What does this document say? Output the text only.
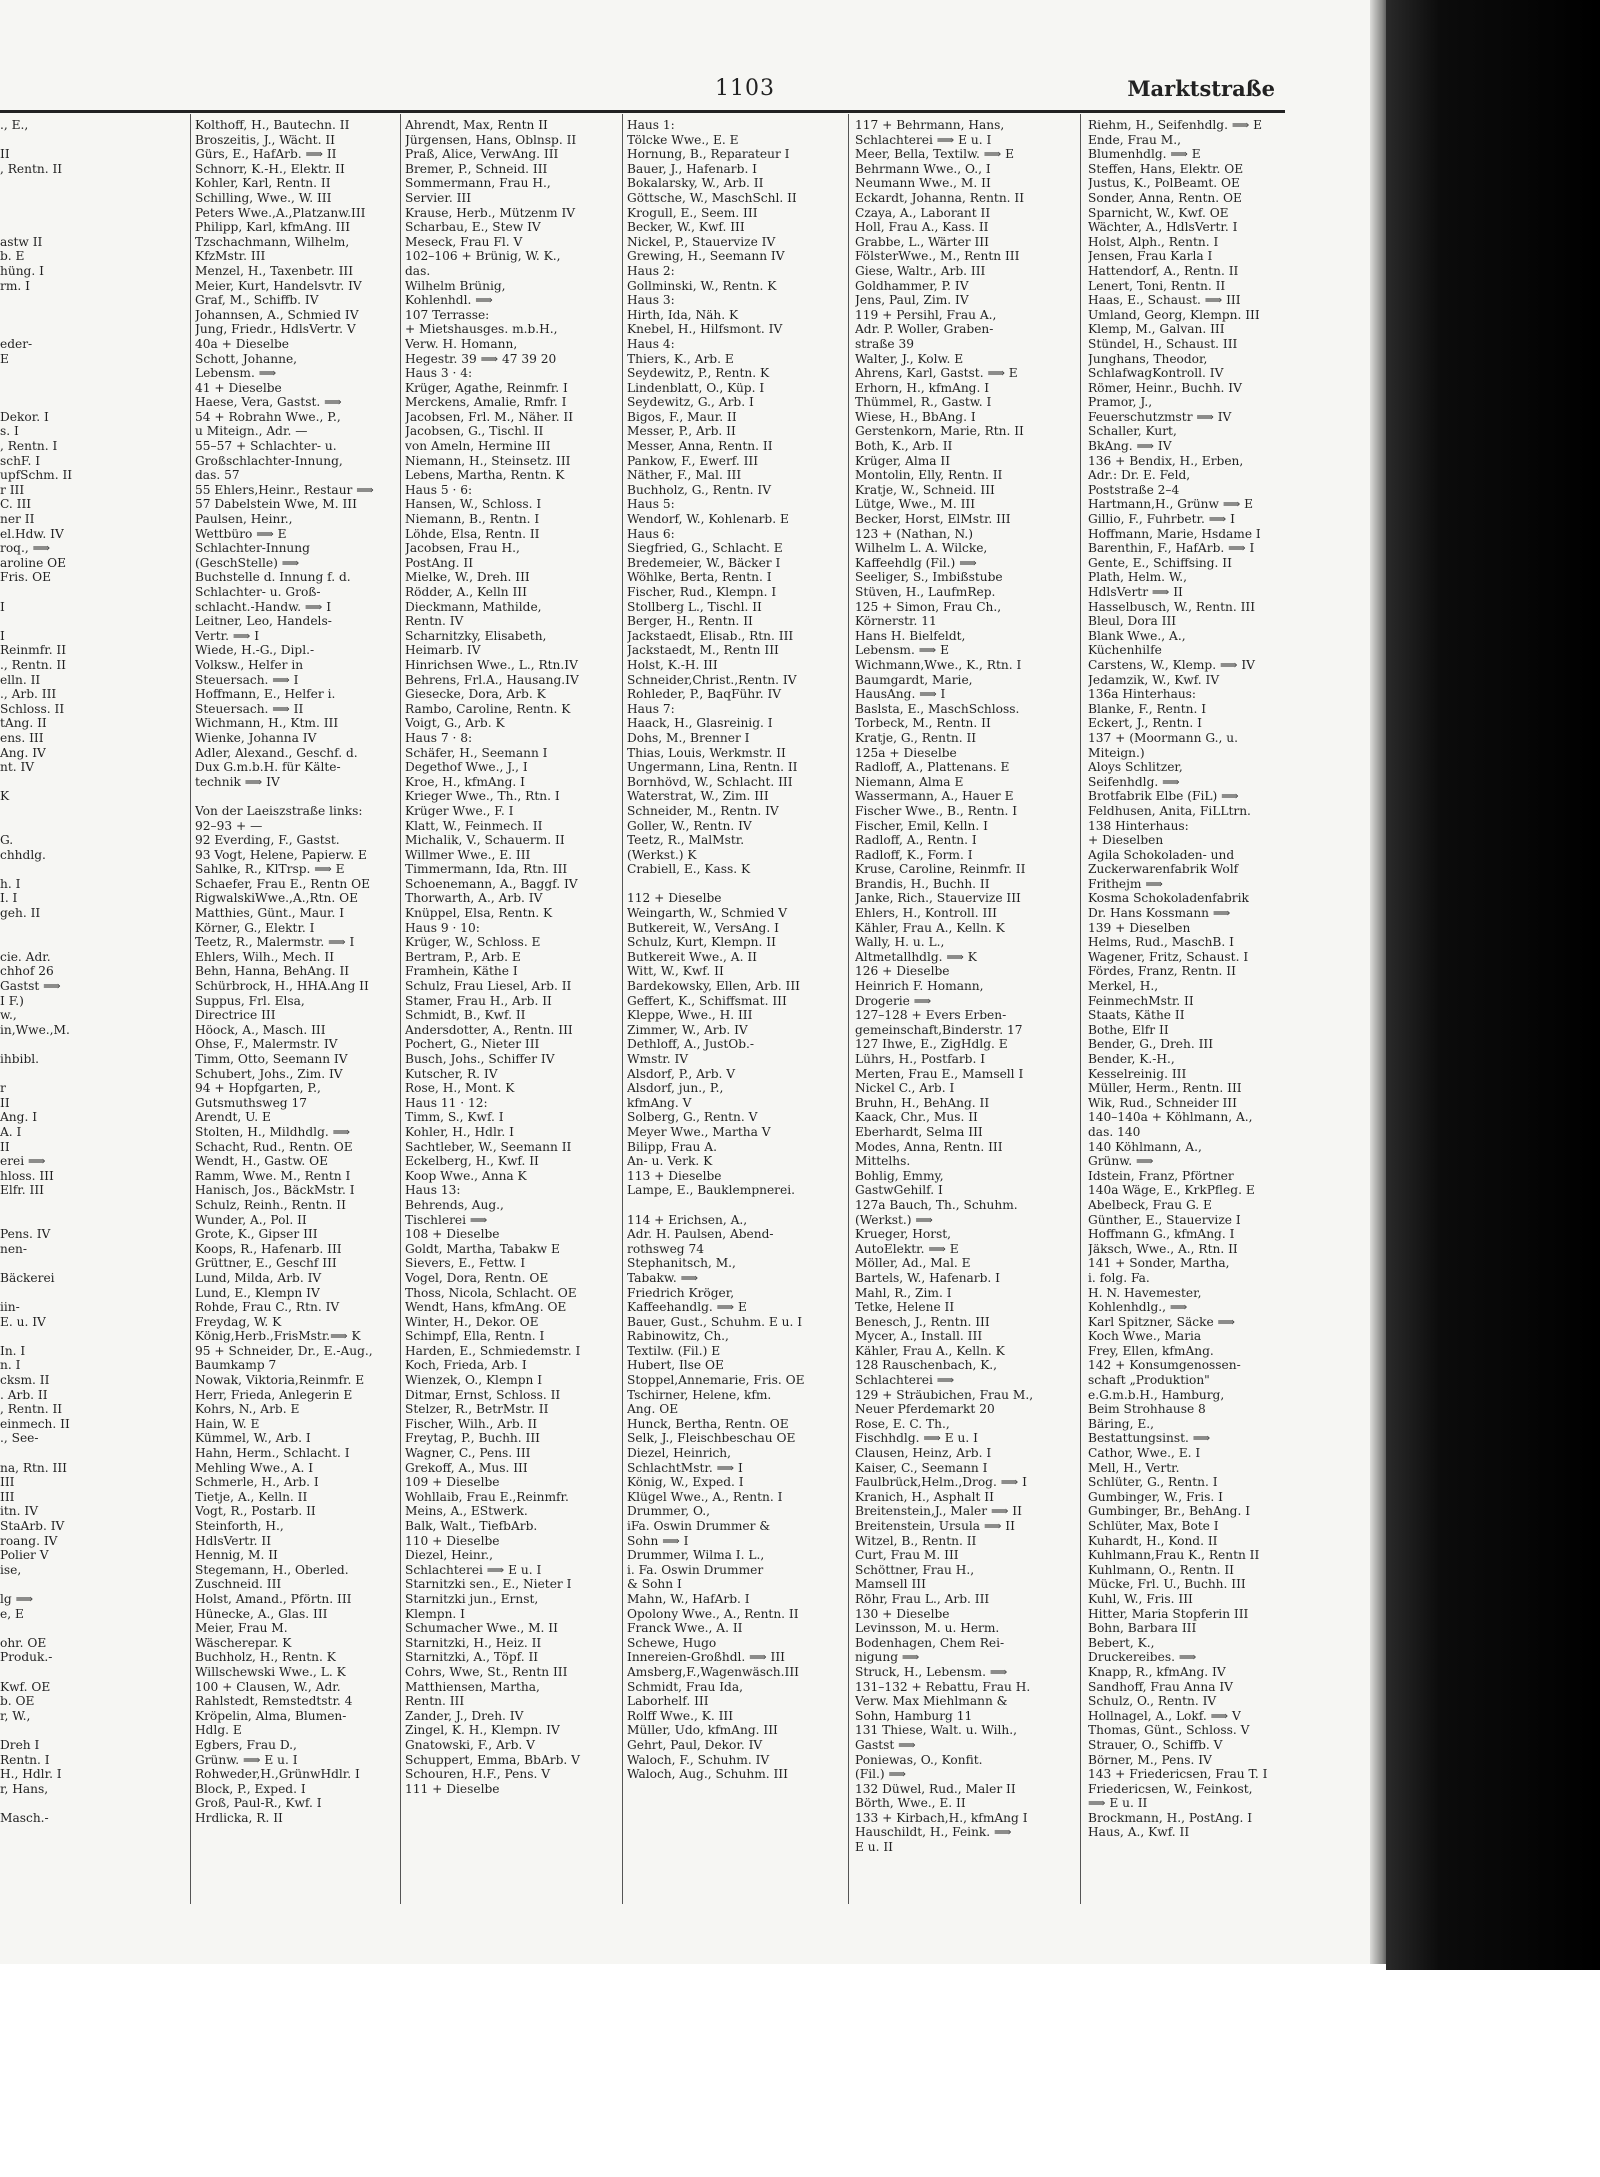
1103	Marktstraße
., E.,
II
, Rentn. II
astw II
b. E
hüng. I
rm. I
eder-
E
Dekor. I
s. I
, Rentn. I
schF. I
upfSchm. II
r III
C. III
ner II
el.Hdw. IV
roq., ⟹
aroline OE
Fris. OE
I
I
Reinmfr. II
., Rentn. II
elln. II
., Arb. III
Schloss. II
tAng. II
ens. III
Ang. IV
nt. IV
K
G.
chhdlg.
h. I
I. I
geh. II
cie. Adr.
chhof 26
Gastst ⟹
I F.)
w.,
in,Wwe.,M.
ihbibl.
r
II
Ang. I
A. I
II
erei ⟹
hloss. III
Elfr. III
Pens. IV
nen-
Bäckerei
iin-
E. u. IV
In. I
n. I
cksm. II
. Arb. II
, Rentn. II
einmech. II
., See-
na, Rtn. III
III
III
itn. IV
StaArb. IV
roang. IV
Polier V
ise,
lg ⟹
e, E
ohr. OE
Produk.-
Kwf. OE
b. OE
r, W.,
Dreh I
Rentn. I
H., Hdlr. I
r, Hans,
Masch.-
Kolthoff, H., Bautechn. II
Broszeitis, J., Wächt. II
Gürs, E., HafArb. ⟹ II
Schnorr, K.-H., Elektr. II
Kohler, Karl, Rentn. II
Schilling, Wwe., W. III
Peters Wwe.,A.,Platzanw.III
Philipp, Karl, kfmAng. III
Tzschachmann, Wilhelm,
KfzMstr. III
Menzel, H., Taxenbetr. III
Meier, Kurt, Handelsvtr. IV
Graf, M., Schiffb. IV
Johannsen, A., Schmied IV
Jung, Friedr., HdlsVertr. V
40a + Dieselbe
Schott, Johanne,
Lebensm. ⟹
41 + Dieselbe
Haese, Vera, Gastst. ⟹
54 + Robrahn Wwe., P.,
u Miteign., Adr. —
55–57 + Schlachter- u.
Großschlachter-Innung,
das. 57
55 Ehlers,Heinr., Restaur ⟹
57 Dabelstein Wwe, M. III
Paulsen, Heinr.,
Wettbüro ⟹ E
Schlachter-Innung
(GeschStelle) ⟹
Buchstelle d. Innung f. d.
Schlachter- u. Groß-
schlacht.-Handw. ⟹ I
Leitner, Leo, Handels-
Vertr. ⟹ I
Wiede, H.-G., Dipl.-
Volksw., Helfer in
Steuersach. ⟹ I
Hoffmann, E., Helfer i.
Steuersach. ⟹ II
Wichmann, H., Ktm. III
Wienke, Johanna IV
Adler, Alexand., Geschf. d.
Dux G.m.b.H. für Kälte-
technik ⟹ IV
Von der Laeiszstraße links:
92–93 + —
92 Everding, F., Gastst.
93 Vogt, Helene, Papierw. E
Sahlke, R., KlTrsp. ⟹ E
Schaefer, Frau E., Rentn OE
RigwalskiWwe.,A.,Rtn. OE
Matthies, Günt., Maur. I
Körner, G., Elektr. I
Teetz, R., Malermstr. ⟹ I
Ehlers, Wilh., Mech. II
Behn, Hanna, BehAng. II
Schürbrock, H., HHA.Ang II
Suppus, Frl. Elsa,
Directrice III
Höock, A., Masch. III
Ohse, F., Malermstr. IV
Timm, Otto, Seemann IV
Schubert, Johs., Zim. IV
94 + Hopfgarten, P.,
Gutsmuthsweg 17
Arendt, U. E
Stolten, H., Mildhdlg. ⟹
Schacht, Rud., Rentn. OE
Wendt, H., Gastw. OE
Ramm, Wwe. M., Rentn I
Hanisch, Jos., BäckMstr. I
Schulz, Reinh., Rentn. II
Wunder, A., Pol. II
Grote, K., Gipser III
Koops, R., Hafenarb. III
Grüttner, E., Geschf III
Lund, Milda, Arb. IV
Lund, E., Klempn IV
Rohde, Frau C., Rtn. IV
Freydag, W. K
König,Herb.,FrisMstr.⟹ K
95 + Schneider, Dr., E.-Aug.,
Baumkamp 7
Nowak, Viktoria,Reinmfr. E
Herr, Frieda, Anlegerin E
Kohrs, N., Arb. E
Hain, W. E
Kümmel, W., Arb. I
Hahn, Herm., Schlacht. I
Mehling Wwe., A. I
Schmerle, H., Arb. I
Tietje, A., Kelln. II
Vogt, R., Postarb. II
Steinforth, H.,
HdlsVertr. II
Hennig, M. II
Stegemann, H., Oberled.
Zuschneid. III
Holst, Amand., Pförtn. III
Hünecke, A., Glas. III
Meier, Frau M.
Wäscherepar. K
Buchholz, H., Rentn. K
Willschewski Wwe., L. K
100 + Clausen, W., Adr.
Rahlstedt, Remstedtstr. 4
Kröpelin, Alma, Blumen-
Hdlg. E
Egbers, Frau D.,
Grünw. ⟹ E u. I
Rohweder,H.,GrünwHdlr. I
Block, P., Exped. I
Groß, Paul-R., Kwf. I
Hrdlicka, R. II
Ahrendt, Max, Rentn II
Jürgensen, Hans, Oblnsp. II
Praß, Alice, VerwAng. III
Bremer, P., Schneid. III
Sommermann, Frau H.,
Servier. III
Krause, Herb., Mützenm IV
Scharbau, E., Stew IV
Meseck, Frau Fl. V
102–106 + Brünig, W. K.,
das.
Wilhelm Brünig,
Kohlenhdl. ⟹
107 Terrasse:
+ Mietshausges. m.b.H.,
Verw. H. Homann,
Hegestr. 39 ⟹ 47 39 20
Haus 3 · 4:
Krüger, Agathe, Reinmfr. I
Merckens, Amalie, Rmfr. I
Jacobsen, Frl. M., Näher. II
Jacobsen, G., Tischl. II
von Ameln, Hermine III
Niemann, H., Steinsetz. III
Lebens, Martha, Rentn. K
Haus 5 · 6:
Hansen, W., Schloss. I
Niemann, B., Rentn. I
Löhde, Elsa, Rentn. II
Jacobsen, Frau H.,
PostAng. II
Mielke, W., Dreh. III
Rödder, A., Kelln III
Dieckmann, Mathilde,
Rentn. IV
Scharnitzky, Elisabeth,
Heimarb. IV
Hinrichsen Wwe., L., Rtn.IV
Behrens, Frl.A., Hausang.IV
Giesecke, Dora, Arb. K
Rambo, Caroline, Rentn. K
Voigt, G., Arb. K
Haus 7 · 8:
Schäfer, H., Seemann I
Degethof Wwe., J., I
Kroe, H., kfmAng. I
Krieger Wwe., Th., Rtn. I
Krüger Wwe., F. I
Klatt, W., Feinmech. II
Michalik, V., Schauerm. II
Willmer Wwe., E. III
Timmermann, Ida, Rtn. III
Schoenemann, A., Baggf. IV
Thorwarth, A., Arb. IV
Knüppel, Elsa, Rentn. K
Haus 9 · 10:
Krüger, W., Schloss. E
Bertram, P., Arb. E
Framhein, Käthe I
Schulz, Frau Liesel, Arb. II
Stamer, Frau H., Arb. II
Schmidt, B., Kwf. II
Andersdotter, A., Rentn. III
Pochert, G., Nieter III
Busch, Johs., Schiffer IV
Kutscher, R. IV
Rose, H., Mont. K
Haus 11 · 12:
Timm, S., Kwf. I
Kohler, H., Hdlr. I
Sachtleber, W., Seemann II
Eckelberg, H., Kwf. II
Koop Wwe., Anna K
Haus 13:
Behrends, Aug.,
Tischlerei ⟹
108 + Dieselbe
Goldt, Martha, Tabakw E
Sievers, E., Fettw. I
Vogel, Dora, Rentn. OE
Thoss, Nicola, Schlacht. OE
Wendt, Hans, kfmAng. OE
Winter, H., Dekor. OE
Schimpf, Ella, Rentn. I
Harden, E., Schmiedemstr. I
Koch, Frieda, Arb. I
Wienzek, O., Klempn I
Ditmar, Ernst, Schloss. II
Stelzer, R., BetrMstr. II
Fischer, Wilh., Arb. II
Freytag, P., Buchh. III
Wagner, C., Pens. III
Grekoff, A., Mus. III
109 + Dieselbe
Wohllaib, Frau E.,Reinmfr.
Meins, A., EStwerk.
Balk, Walt., TiefbArb.
110 + Dieselbe
Diezel, Heinr.,
Schlachterei ⟹ E u. I
Starnitzki sen., E., Nieter I
Starnitzki jun., Ernst,
Klempn. I
Schumacher Wwe., M. II
Starnitzki, H., Heiz. II
Starnitzki, A., Töpf. II
Cohrs, Wwe, St., Rentn III
Matthiensen, Martha,
Rentn. III
Zander, J., Dreh. IV
Zingel, K. H., Klempn. IV
Gnatowski, F., Arb. V
Schuppert, Emma, BbArb. V
Schouren, H.F., Pens. V
111 + Dieselbe
Haus 1:
Tölcke Wwe., E. E
Hornung, B., Reparateur I
Bauer, J., Hafenarb. I
Bokalarsky, W., Arb. II
Göttsche, W., MaschSchl. II
Krogull, E., Seem. III
Becker, W., Kwf. III
Nickel, P., Stauervize IV
Grewing, H., Seemann IV
Haus 2:
Gollminski, W., Rentn. K
Haus 3:
Hirth, Ida, Näh. K
Knebel, H., Hilfsmont. IV
Haus 4:
Thiers, K., Arb. E
Seydewitz, P., Rentn. K
Lindenblatt, O., Küp. I
Seydewitz, G., Arb. I
Bigos, F., Maur. II
Messer, P., Arb. II
Messer, Anna, Rentn. II
Pankow, F., Ewerf. III
Näther, F., Mal. III
Buchholz, G., Rentn. IV
Haus 5:
Wendorf, W., Kohlenarb. E
Haus 6:
Siegfried, G., Schlacht. E
Bredemeier, W., Bäcker I
Wöhlke, Berta, Rentn. I
Fischer, Rud., Klempn. I
Stollberg L., Tischl. II
Berger, H., Rentn. II
Jackstaedt, Elisab., Rtn. III
Jackstaedt, M., Rentn III
Holst, K.-H. III
Schneider,Christ.,Rentn. IV
Rohleder, P., BaqFühr. IV
Haus 7:
Haack, H., Glasreinig. I
Dohs, M., Brenner I
Thias, Louis, Werkmstr. II
Ungermann, Lina, Rentn. II
Bornhövd, W., Schlacht. III
Waterstrat, W., Zim. III
Schneider, M., Rentn. IV
Goller, W., Rentn. IV
Teetz, R., MalMstr.
(Werkst.) K
Crabiell, E., Kass. K
112 + Dieselbe
Weingarth, W., Schmied V
Butkereit, W., VersAng. I
Schulz, Kurt, Klempn. II
Butkereit Wwe., A. II
Witt, W., Kwf. II
Bardekowsky, Ellen, Arb. III
Geffert, K., Schiffsmat. III
Kleppe, Wwe., H. III
Zimmer, W., Arb. IV
Dethloff, A., JustOb.-
Wmstr. IV
Alsdorf, P., Arb. V
Alsdorf, jun., P.,
kfmAng. V
Solberg, G., Rentn. V
Meyer Wwe., Martha V
Bilipp, Frau A.
An- u. Verk. K
113 + Dieselbe
Lampe, E., Bauklempnerei.
114 + Erichsen, A.,
Adr. H. Paulsen, Abend-
rothsweg 74
Stephanitsch, M.,
Tabakw. ⟹
Friedrich Kröger,
Kaffeehandlg. ⟹ E
Bauer, Gust., Schuhm. E u. I
Rabinowitz, Ch.,
Textilw. (Fil.) E
Hubert, Ilse OE
Stoppel,Annemarie, Fris. OE
Tschirner, Helene, kfm.
Ang. OE
Hunck, Bertha, Rentn. OE
Selk, J., Fleischbeschau OE
Diezel, Heinrich,
SchlachtMstr. ⟹ I
König, W., Exped. I
Klügel Wwe., A., Rentn. I
Drummer, O.,
iFa. Oswin Drummer &
Sohn ⟹ I
Drummer, Wilma I. L.,
i. Fa. Oswin Drummer
& Sohn I
Mahn, W., HafArb. I
Opolony Wwe., A., Rentn. II
Franck Wwe., A. II
Schewe, Hugo
Innereien-Großhdl. ⟹ III
Amsberg,F.,Wagenwäsch.III
Schmidt, Frau Ida,
Laborhelf. III
Rolff Wwe., K. III
Müller, Udo, kfmAng. III
Gehrt, Paul, Dekor. IV
Waloch, F., Schuhm. IV
Waloch, Aug., Schuhm. III
117 + Behrmann, Hans,
Schlachterei ⟹ E u. I
Meer, Bella, Textilw. ⟹ E
Behrmann Wwe., O., I
Neumann Wwe., M. II
Eckardt, Johanna, Rentn. II
Czaya, A., Laborant II
Holl, Frau A., Kass. II
Grabbe, L., Wärter III
FölsterWwe., M., Rentn III
Giese, Waltr., Arb. III
Goldhammer, P. IV
Jens, Paul, Zim. IV
119 + Persihl, Frau A.,
Adr. P. Woller, Graben-
straße 39
Walter, J., Kolw. E
Ahrens, Karl, Gastst. ⟹ E
Erhorn, H., kfmAng. I
Thümmel, R., Gastw. I
Wiese, H., BbAng. I
Gerstenkorn, Marie, Rtn. II
Both, K., Arb. II
Krüger, Alma II
Montolin, Elly, Rentn. II
Kratje, W., Schneid. III
Lütge, Wwe., M. III
Becker, Horst, ElMstr. III
123 + (Nathan, N.)
Wilhelm L. A. Wilcke,
Kaffeehdlg (Fil.) ⟹
Seeliger, S., Imbißstube
Stüven, H., LaufmRep.
125 + Simon, Frau Ch.,
Körnerstr. 11
Hans H. Bielfeldt,
Lebensm. ⟹ E
Wichmann,Wwe., K., Rtn. I
Baumgardt, Marie,
HausAng. ⟹ I
Baslsta, E., MaschSchloss.
Torbeck, M., Rentn. II
Kratje, G., Rentn. II
125a + Dieselbe
Radloff, A., Plattenans. E
Niemann, Alma E
Wassermann, A., Hauer E
Fischer Wwe., B., Rentn. I
Fischer, Emil, Kelln. I
Radloff, A., Rentn. I
Radloff, K., Form. I
Kruse, Caroline, Reinmfr. II
Brandis, H., Buchh. II
Janke, Rich., Stauervize III
Ehlers, H., Kontroll. III
Kähler, Frau A., Kelln. K
Wally, H. u. L.,
Altmetallhdlg. ⟹ K
126 + Dieselbe
Heinrich F. Homann,
Drogerie ⟹
127–128 + Evers Erben-
gemeinschaft,Binderstr. 17
127 Ihwe, E., ZigHdlg. E
Lührs, H., Postfarb. I
Merten, Frau E., Mamsell I
Nickel C., Arb. I
Bruhn, H., BehAng. II
Kaack, Chr., Mus. II
Eberhardt, Selma III
Modes, Anna, Rentn. III
Mittelhs.
Bohlig, Emmy,
GastwGehilf. I
127a Bauch, Th., Schuhm.
(Werkst.) ⟹
Krueger, Horst,
AutoElektr. ⟹ E
Möller, Ad., Mal. E
Bartels, W., Hafenarb. I
Mahl, R., Zim. I
Tetke, Helene II
Benesch, J., Rentn. III
Mycer, A., Install. III
Kähler, Frau A., Kelln. K
128 Rauschenbach, K.,
Schlachterei ⟹
129 + Sträubichen, Frau M.,
Neuer Pferdemarkt 20
Rose, E. C. Th.,
Fischhdlg. ⟹ E u. I
Clausen, Heinz, Arb. I
Kaiser, C., Seemann I
Faulbrück,Helm.,Drog. ⟹ I
Kranich, H., Asphalt II
Breitenstein,J., Maler ⟹ II
Breitenstein, Ursula ⟹ II
Witzel, B., Rentn. II
Curt, Frau M. III
Schöttner, Frau H.,
Mamsell III
Röhr, Frau L., Arb. III
130 + Dieselbe
Levinsson, M. u. Herm.
Bodenhagen, Chem Rei-
nigung ⟹
Struck, H., Lebensm. ⟹
131–132 + Rebattu, Frau H.
Verw. Max Miehlmann &
Sohn, Hamburg 11
131 Thiese, Walt. u. Wilh.,
Gastst ⟹
Poniewas, O., Konfit.
(Fil.) ⟹
132 Düwel, Rud., Maler II
Börth, Wwe., E. II
133 + Kirbach,H., kfmAng I
Hauschildt, H., Feink. ⟹
E u. II
Riehm, H., Seifenhdlg. ⟹ E
Ende, Frau M.,
Blumenhdlg. ⟹ E
Steffen, Hans, Elektr. OE
Justus, K., PolBeamt. OE
Sonder, Anna, Rentn. OE
Sparnicht, W., Kwf. OE
Wächter, A., HdlsVertr. I
Holst, Alph., Rentn. I
Jensen, Frau Karla I
Hattendorf, A., Rentn. II
Lenert, Toni, Rentn. II
Haas, E., Schaust. ⟹ III
Umland, Georg, Klempn. III
Klemp, M., Galvan. III
Stündel, H., Schaust. III
Junghans, Theodor,
SchlafwagKontroll. IV
Römer, Heinr., Buchh. IV
Pramor, J.,
Feuerschutzmstr ⟹ IV
Schaller, Kurt,
BkAng. ⟹ IV
136 + Bendix, H., Erben,
Adr.: Dr. E. Feld,
Poststraße 2–4
Hartmann,H., Grünw ⟹ E
Gillio, F., Fuhrbetr. ⟹ I
Hoffmann, Marie, Hsdame I
Barenthin, F., HafArb. ⟹ I
Gente, E., Schiffsing. II
Plath, Helm. W.,
HdlsVertr ⟹ II
Hasselbusch, W., Rentn. III
Bleul, Dora III
Blank Wwe., A.,
Küchenhilfe
Carstens, W., Klemp. ⟹ IV
Jedamzik, W., Kwf. IV
136a Hinterhaus:
Blanke, F., Rentn. I
Eckert, J., Rentn. I
137 + (Moormann G., u.
Miteign.)
Aloys Schlitzer,
Seifenhdlg. ⟹
Brotfabrik Elbe (FiL) ⟹
Feldhusen, Anita, FiLLtrn.
138 Hinterhaus:
+ Dieselben
Agila Schokoladen- und
Zuckerwarenfabrik Wolf
Frithejm ⟹
Kosma Schokoladenfabrik
Dr. Hans Kossmann ⟹
139 + Dieselben
Helms, Rud., MaschB. I
Wagener, Fritz, Schaust. I
Fördes, Franz, Rentn. II
Merkel, H.,
FeinmechMstr. II
Staats, Käthe II
Bothe, Elfr II
Bender, G., Dreh. III
Bender, K.-H.,
Kesselreinig. III
Müller, Herm., Rentn. III
Wik, Rud., Schneider III
140–140a + Köhlmann, A.,
das. 140
140 Köhlmann, A.,
Grünw. ⟹
Idstein, Franz, Pförtner
140a Wäge, E., KrkPfleg. E
Abelbeck, Frau G. E
Günther, E., Stauervize I
Hoffmann G., kfmAng. I
Jäksch, Wwe., A., Rtn. II
141 + Sonder, Martha,
i. folg. Fa.
H. N. Havemester,
Kohlenhdlg., ⟹
Karl Spitzner, Säcke ⟹
Koch Wwe., Maria
Frey, Ellen, kfmAng.
142 + Konsumgenossen-
schaft „Produktion"
e.G.m.b.H., Hamburg,
Beim Strohhause 8
Bäring, E.,
Bestattungsinst. ⟹
Cathor, Wwe., E. I
Mell, H., Vertr.
Schlüter, G., Rentn. I
Gumbinger, W., Fris. I
Gumbinger, Br., BehAng. I
Schlüter, Max, Bote I
Kuhardt, H., Kond. II
Kuhlmann,Frau K., Rentn II
Kuhlmann, O., Rentn. II
Mücke, Frl. U., Buchh. III
Kuhl, W., Fris. III
Hitter, Maria Stopferin III
Bohn, Barbara III
Bebert, K.,
Druckereibes. ⟹
Knapp, R., kfmAng. IV
Sandhoff, Frau Anna IV
Schulz, O., Rentn. IV
Hollnagel, A., Lokf. ⟹ V
Thomas, Günt., Schloss. V
Strauer, O., Schiffb. V
Börner, M., Pens. IV
143 + Friedericsen, Frau T. I
Friedericsen, W., Feinkost,
⟹ E u. II
Brockmann, H., PostAng. I
Haus, A., Kwf. II
